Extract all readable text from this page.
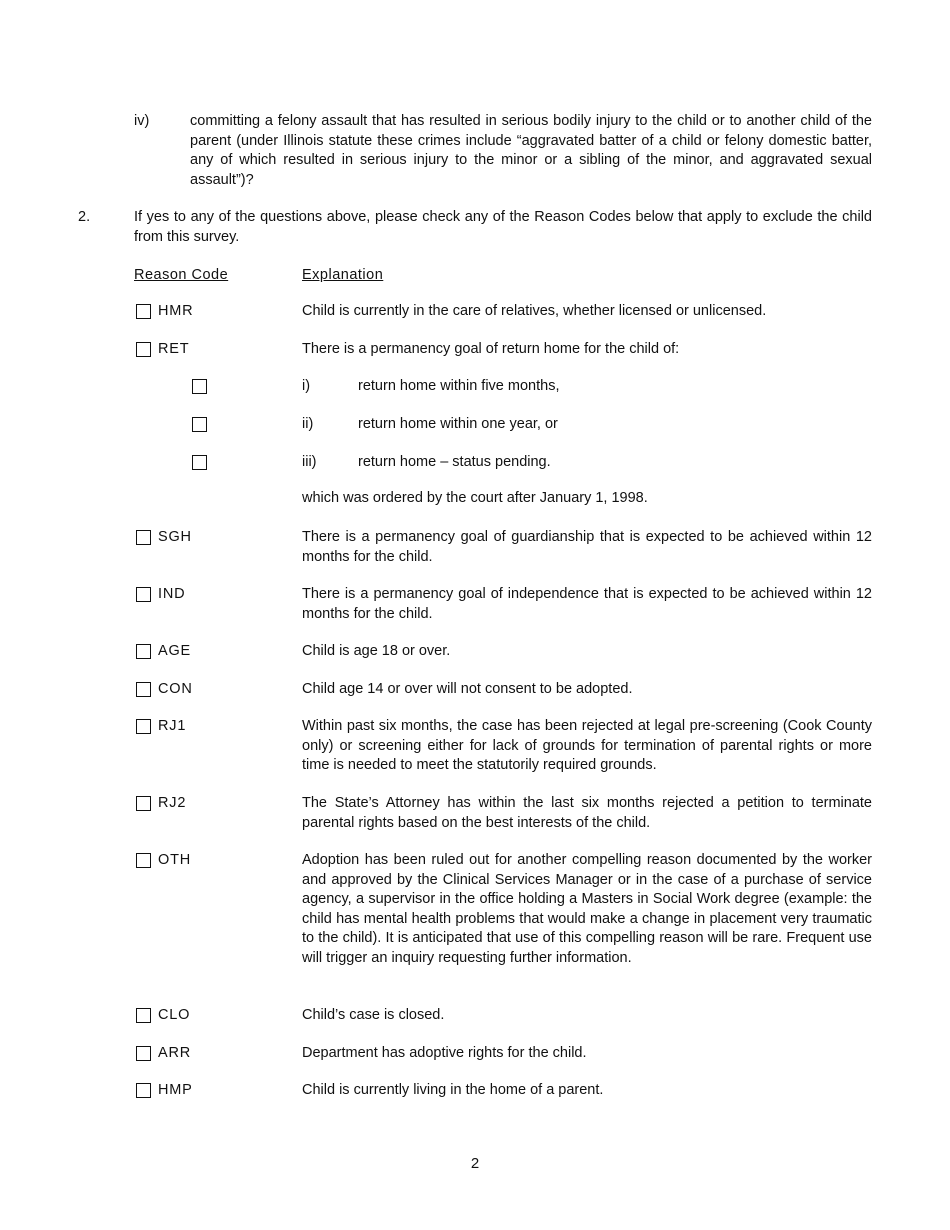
iv)	committing a felony assault that has resulted in serious bodily injury to the child or to another child of the parent (under Illinois statute these crimes include “aggravated batter of a child or felony domestic batter, any of which resulted in serious injury to the minor or a sibling of the minor, and aggravated sexual assault”)?
2.	If yes to any of the questions above, please check any of the Reason Codes below that apply to exclude the child from this survey.
Reason Code	Explanation
HMR	Child is currently in the care of relatives, whether licensed or unlicensed.
RET	There is a permanency goal of return home for the child of:
i)	return home within five months,
ii)	return home within one year, or
iii)	return home – status pending.
which was ordered by the court after January 1, 1998.
SGH	There is a permanency goal of guardianship that is expected to be achieved within 12 months for the child.
IND	There is a permanency goal of independence that is expected to be achieved within 12 months for the child.
AGE	Child is age 18 or over.
CON	Child age 14 or over will not consent to be adopted.
RJ1	Within past six months, the case has been rejected at legal pre-screening (Cook County only) or screening either for lack of grounds for termination of parental rights or more time is needed to meet the statutorily required grounds.
RJ2	The State’s Attorney has within the last six months rejected a petition to terminate parental rights based on the best interests of the child.
OTH	Adoption has been ruled out for another compelling reason documented by the worker and approved by the Clinical Services Manager or in the case of a purchase of service agency, a supervisor in the office holding a Masters in Social Work degree (example: the child has mental health problems that would make a change in placement very traumatic to the child). It is anticipated that use of this compelling reason will be rare. Frequent use will trigger an inquiry requesting further information.
CLO	Child’s case is closed.
ARR	Department has adoptive rights for the child.
HMP	Child is currently living in the home of a parent.
2
